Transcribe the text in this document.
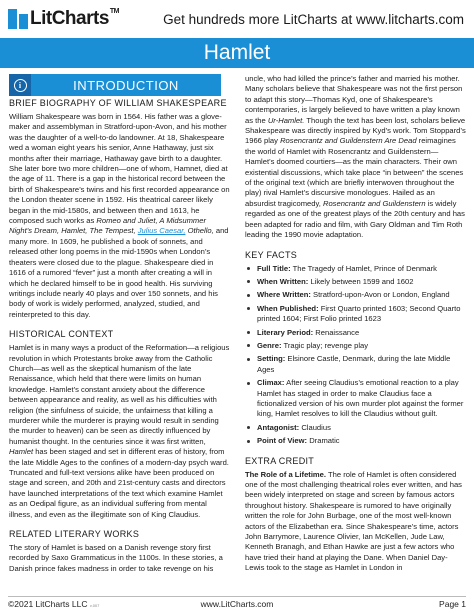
LitCharts™
Get hundreds more LitCharts at www.litcharts.com
Hamlet
i	INTRODUCTION
BRIEF BIOGRAPHY OF WILLIAM SHAKESPEARE

William Shakespeare was born in 1564. His father was a glove-maker and assemblyman in Stratford-upon-Avon, and his mother was the daughter of a well-to-do landowner. At 18, Shakespeare wed a woman eight years his senior, Anne Hathaway, just six months after their marriage, Hathaway gave birth to a daughter. She later bore two more children—one of whom, Hamnet, died at the age of 11. There is a gap in the historical record between the birth of Shakespeare’s twins and his first recorded appearance on the London theater scene in 1592. His theatrical career likely began in the mid-1580s, and between then and 1613, he composed such works as Romeo and Juliet, A Midsummer Night’s Dream, Hamlet, The Tempest, Julius Caesar, Othello, and many more. In 1609, he published a book of sonnets, and released other long poems in the mid-1590s when London’s theaters were closed due to the plague. Shakespeare died in 1616 of a rumored “fever” just a month after creating a will in which he declared himself to be in good health. His surviving writings include nearly 40 plays and over 150 sonnets, and his body of work is widely performed, analyzed, studied, and reinterpreted to this day.

HISTORICAL CONTEXT

Hamlet is in many ways a product of the Reformation—a religious revolution in which Protestants broke away from the Catholic Church—as well as the skeptical humanism of the late Renaissance, which held that there were limits on human knowledge. Hamlet’s constant anxiety about the difference between appearance and reality, as well as his difficulties with religion (the sinfulness of suicide, the unfairness that killing a murderer while the murderer is praying would result in sending the murder to heaven) can be seen as directly influenced by humanist thought. In the centuries since it was first written, Hamlet has been staged and set in different eras of history, from the late Middle Ages to the confines of a modern-day psych ward. Truncated and full-text versions alike have been produced on stage and screen, and 20th and 21st-century casts and directors have launched interpretations of the text which examine Hamlet as an Oedipal figure, as an individual suffering from mental illness, and even as the illegitimate son of King Claudius.

RELATED LITERARY WORKS

The story of Hamlet is based on a Danish revenge story first recorded by Saxo Grammaticus in the 1100s. In these stories, a Danish prince fakes madness in order to take revenge on his

uncle, who had killed the prince’s father and married his mother. Many scholars believe that Shakespeare was not the first person to adapt this story—Thomas Kyd, one of Shakespeare’s contemporaries, is largely believed to have written a play known as the Ur-Hamlet. Though the text has been lost, scholars believe Shakespeare was directly inspired by Kyd’s work. Tom Stoppard’s 1966 play Rosencrantz and Guildenstern Are Dead reimagines the world of Hamlet with Rosencrantz and Guildenstern—Hamlet’s doomed courtiers—as the main characters. Their own existential discussions, which take place “in between” the scenes of the original text (which are briefly interwoven throughout the play) rival Hamlet’s discursive monologues. Hailed as an absurdist tragicomedy, Rosencrantz and Guildenstern is widely regarded as one of the greatest plays of the 20th century and has been adapted for radio and film, with Gary Oldman and Tim Roth leading the 1990 movie adaptation.

KEY FACTS
Full Title: The Tragedy of Hamlet, Prince of Denmark
When Written: Likely between 1599 and 1602
Where Written: Stratford-upon-Avon or London, England
When Published: First Quarto printed 1603; Second Quarto printed 1604; First Folio printed 1623
Literary Period: Renaissance
Genre: Tragic play; revenge play
Setting: Elsinore Castle, Denmark, during the late Middle Ages
Climax: After seeing Claudius’s emotional reaction to a play Hamlet has staged in order to make Claudius face a fictionalized version of his own murder plot against the former king, Hamlet resolves to kill the Claudius without guilt.
Antagonist: Claudius
Point of View: Dramatic
EXTRA CREDIT

The Role of a Lifetime. The role of Hamlet is often considered one of the most challenging theatrical roles ever written, and has been widely interpreted on stage and screen by famous actors throughout history. Shakespeare is rumored to have originally written the role for John Burbage, one of the most well-known actors of the Elizabethan era. Since Shakespeare’s time, actors John Barrymore, Laurence Olivier, Ian McKellen, Jude Law, Kenneth Branagh, and Ethan Hawke are just a few actors who have tried their hand at playing the Dane. When Daniel Day-Lewis took to the stage as Hamlet in London in

©2021 LitCharts LLC v.007	www.LitCharts.com	Page 1
